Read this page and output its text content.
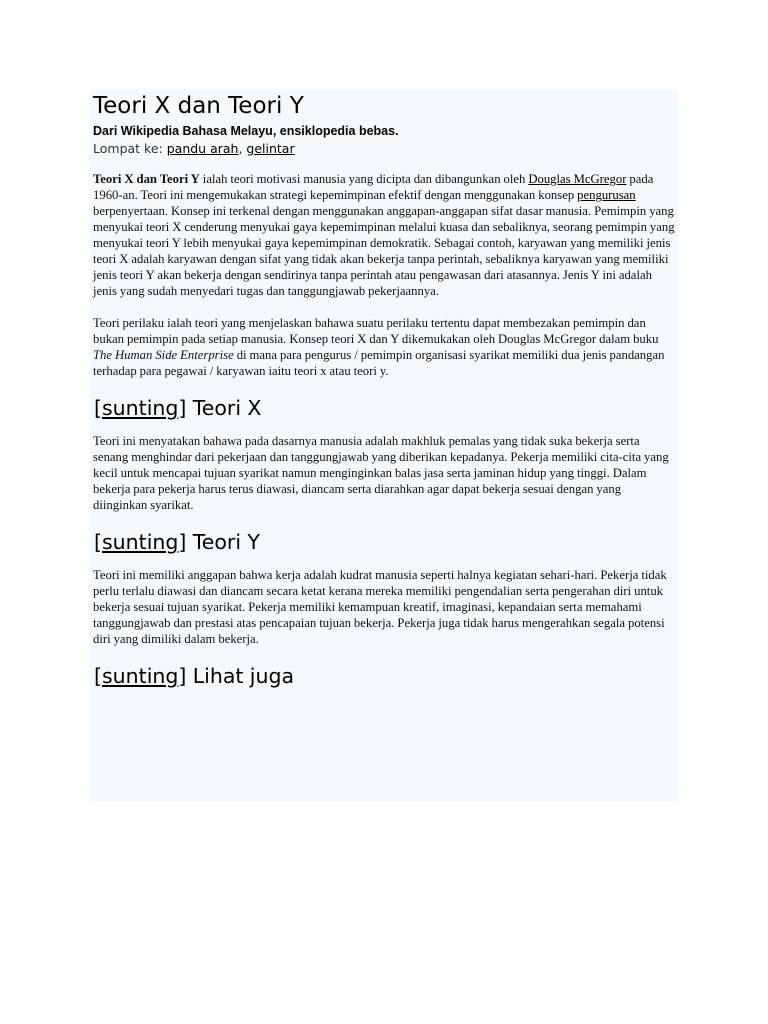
Teori X dan Teori Y
Dari Wikipedia Bahasa Melayu, ensiklopedia bebas.
Lompat ke: pandu arah, gelintar

Teori X dan Teori Y ialah teori motivasi manusia yang dicipta dan dibangunkan oleh Douglas McGregor pada 1960-an. Teori ini mengemukakan strategi kepemimpinan efektif dengan menggunakan konsep pengurusan berpenyertaan. Konsep ini terkenal dengan menggunakan anggapan-anggapan sifat dasar manusia. Pemimpin yang menyukai teori X cenderung menyukai gaya kepemimpinan melalui kuasa dan sebaliknya, seorang pemimpin yang menyukai teori Y lebih menyukai gaya kepemimpinan demokratik. Sebagai contoh, karyawan yang memiliki jenis teori X adalah karyawan dengan sifat yang tidak akan bekerja tanpa perintah, sebaliknya karyawan yang memiliki jenis teori Y akan bekerja dengan sendirinya tanpa perintah atau pengawasan dari atasannya. Jenis Y ini adalah jenis yang sudah menyedari tugas dan tanggungjawab pekerjaannya.

Teori perilaku ialah teori yang menjelaskan bahawa suatu perilaku tertentu dapat membezakan pemimpin dan bukan pemimpin pada setiap manusia. Konsep teori X dan Y dikemukakan oleh Douglas McGregor dalam buku The Human Side Enterprise di mana para pengurus / pemimpin organisasi syarikat memiliki dua jenis pandangan terhadap para pegawai / karyawan iaitu teori x atau teori y.

[sunting] Teori X

Teori ini menyatakan bahawa pada dasarnya manusia adalah makhluk pemalas yang tidak suka bekerja serta senang menghindar dari pekerjaan dan tanggungjawab yang diberikan kepadanya. Pekerja memiliki cita-cita yang kecil untuk mencapai tujuan syarikat namun menginginkan balas jasa serta jaminan hidup yang tinggi. Dalam bekerja para pekerja harus terus diawasi, diancam serta diarahkan agar dapat bekerja sesuai dengan yang diinginkan syarikat.

[sunting] Teori Y

Teori ini memiliki anggapan bahwa kerja adalah kudrat manusia seperti halnya kegiatan sehari-hari. Pekerja tidak perlu terlalu diawasi dan diancam secara ketat kerana mereka memiliki pengendalian serta pengerahan diri untuk bekerja sesuai tujuan syarikat. Pekerja memiliki kemampuan kreatif, imaginasi, kepandaian serta memahami tanggungjawab dan prestasi atas pencapaian tujuan bekerja. Pekerja juga tidak harus mengerahkan segala potensi diri yang dimiliki dalam bekerja.

[sunting] Lihat juga
